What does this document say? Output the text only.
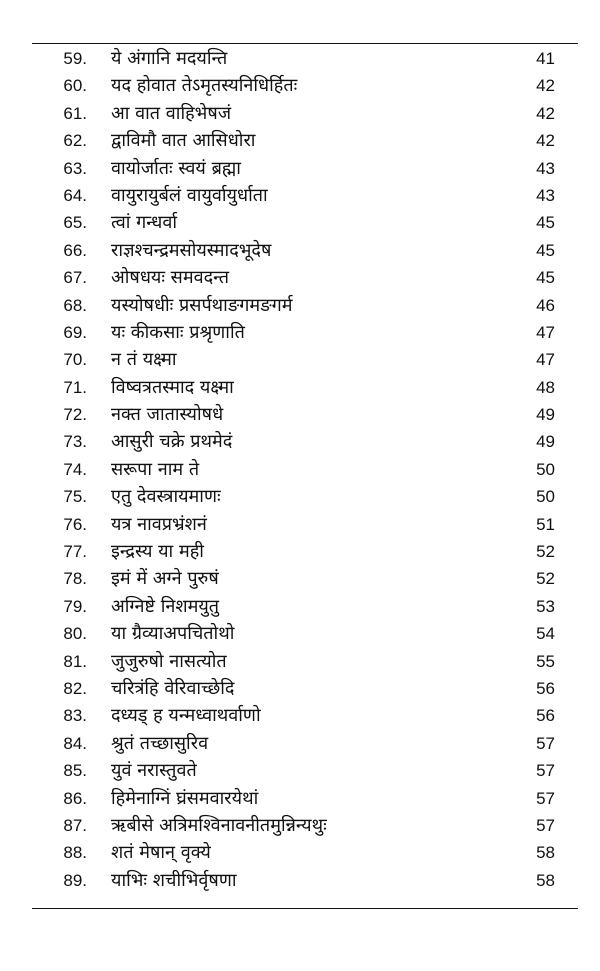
59. ये अंगानि मदयन्ति	41
60. यद होवात तेऽमृतस्यनिधिर्हितः	42
61. आ वात वाहिभेषजं	42
62. द्वाविमौ वात आसिधोरा	42
63. वायोर्जातः स्वयं ब्रह्मा	43
64. वायुरायुर्बलं वायुर्वायुर्धाता	43
65. त्वां गन्धर्वा	45
66. राज्ञश्चन्द्रमसोयस्मादभूदेष	45
67. ओषधयः समवदन्त	45
68. यस्योषधीः प्रसर्पथाङगमङगर्म	46
69. यः कीकसाः प्रश्रृणाति	47
70. न तं यक्ष्मा	47
71. विष्वत्रतस्माद यक्ष्मा	48
72. नक्त जातास्योषधे	49
73. आसुरी चक्रे प्रथमेदं	49
74. सरूपा नाम ते	50
75. एतु देवस्त्रायमाणः	50
76. यत्र नावप्रभ्रंशनं	51
77. इन्द्रस्य या मही	52
78. इमं में अग्ने पुरुषं	52
79. अग्निष्टे निशमयुतु	53
80. या ग्रैव्याअपचितोथो	54
81. जुजुरुषो नासत्योत	55
82. चरित्रंहि वेरिवाच्छेदि	56
83. दध्यड् ह यन्मध्वाथर्वाणो	56
84. श्रुतं तच्छासुरिव	57
85. युवं नरास्तुवते	57
86. हिमेनाग्निं घ्रंसमवारयेथां	57
87. ऋबीसे अत्रिमश्विनावनीतमुन्निन्यथुः	57
88. शतं मेषान् वृक्ये	58
89. याभिः शचीभिर्वृषणा	58
